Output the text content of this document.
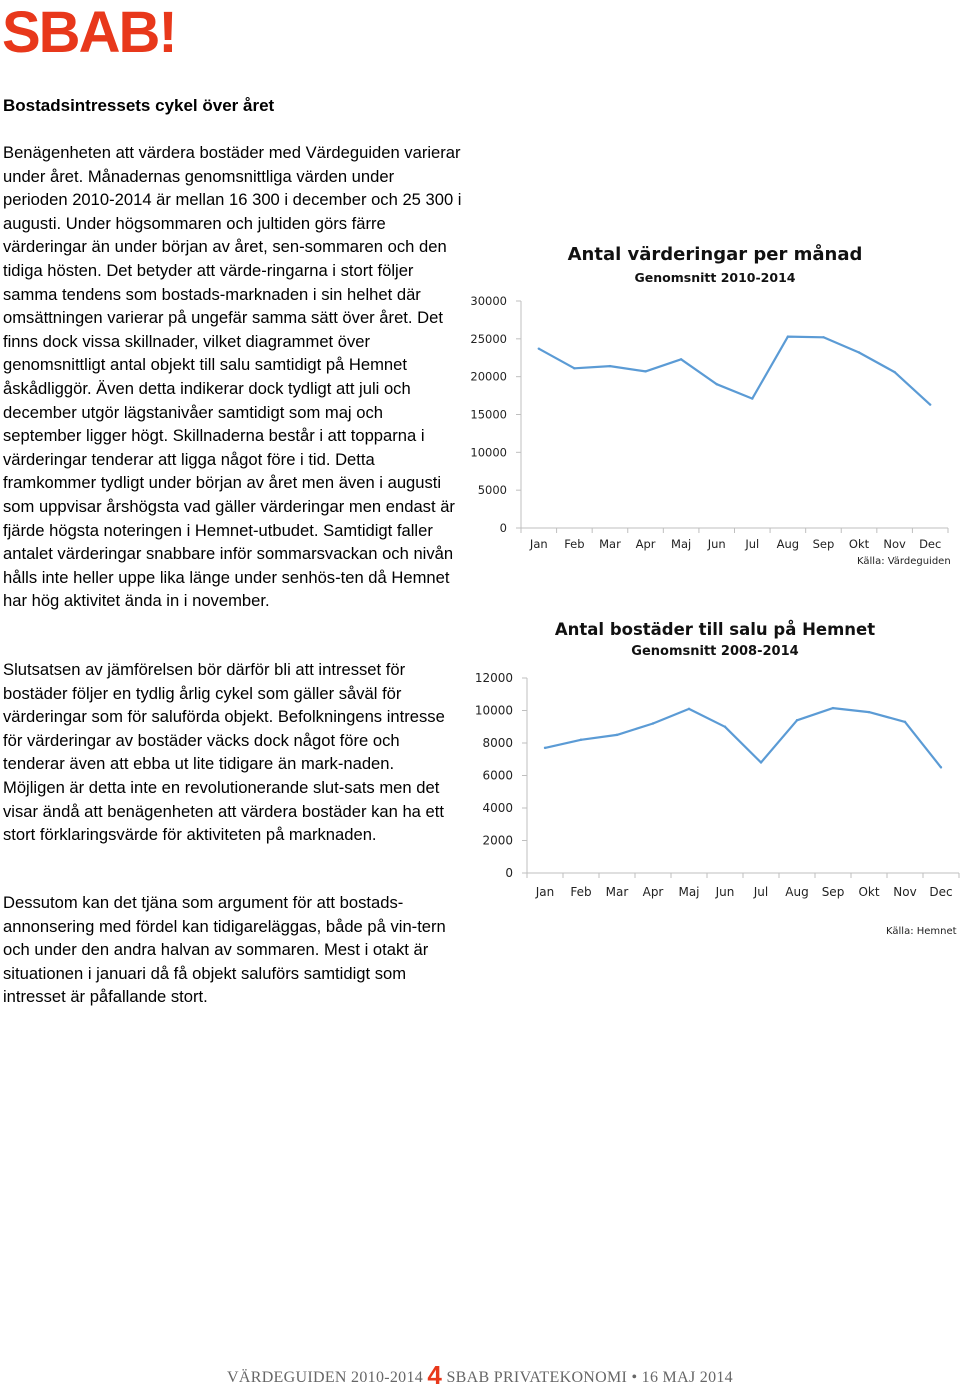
SBAB!
Bostadsintressets cykel över året

Benägenheten att värdera bostäder med Värdeguiden varierar under året. Månadernas genomsnittliga värden under perioden 2010-2014 är mellan 16 300 i december och 25 300 i augusti. Under högsommaren och jultiden görs färre värderingar än under början av året, sen-sommaren och den tidiga hösten. Det betyder att värde-ringarna i stort följer samma tendens som bostads-marknaden i sin helhet där omsättningen varierar på ungefär samma sätt över året. Det finns dock vissa skillnader, vilket diagrammet över genomsnittligt antal objekt till salu samtidigt på Hemnet åskådliggör. Även detta indikerar dock tydligt att juli och december utgör lägstanivåer samtidigt som maj och september ligger högt. Skillnaderna består i att topparna i värderingar tenderar att ligga något före i tid. Detta framkommer tydligt under början av året men även i augusti som uppvisar årshögsta vad gäller värderingar men endast är fjärde högsta noteringen i Hemnet-utbudet. Samtidigt faller antalet värderingar snabbare inför sommarsvackan och nivån hålls inte heller uppe lika länge under senhös-ten då Hemnet har hög aktivitet ända in i november.

Slutsatsen av jämförelsen bör därför bli att intresset för bostäder följer en tydlig årlig cykel som gäller såväl för värderingar som för saluförda objekt. Befolkningens intresse för värderingar av bostäder väcks dock något före och tenderar även att ebba ut lite tidigare än mark-naden. Möjligen är detta inte en revolutionerande slut-sats men det visar ändå att benägenheten att värdera bostäder kan ha ett stort förklaringsvärde för aktiviteten på marknaden.

Dessutom kan det tjäna som argument för att bostads-annonsering med fördel kan tidigareläggas, både på vin-tern och under den andra halvan av sommaren. Mest i otakt är situationen i januari då få objekt saluförs samtidigt som intresset är påfallande stort.

Antal värderingar per månad
Genomsnitt 2010-2014
0
5000
10000
15000
20000
25000
30000
Jan Feb Mar Apr Maj Jun Jul Aug Sep Okt Nov Dec
Källa: Värdeguiden
Antal bostäder till salu på Hemnet
Genomsnitt 2008-2014
0
2000
4000
6000
8000
10000
12000
Jan Feb Mar Apr Maj Jun Jul Aug Sep Okt Nov Dec
Källa: Hemnet
VÄRDEGUIDEN 2010-2014 4 SBAB PRIVATEKONOMI • 16 MAJ 2014
